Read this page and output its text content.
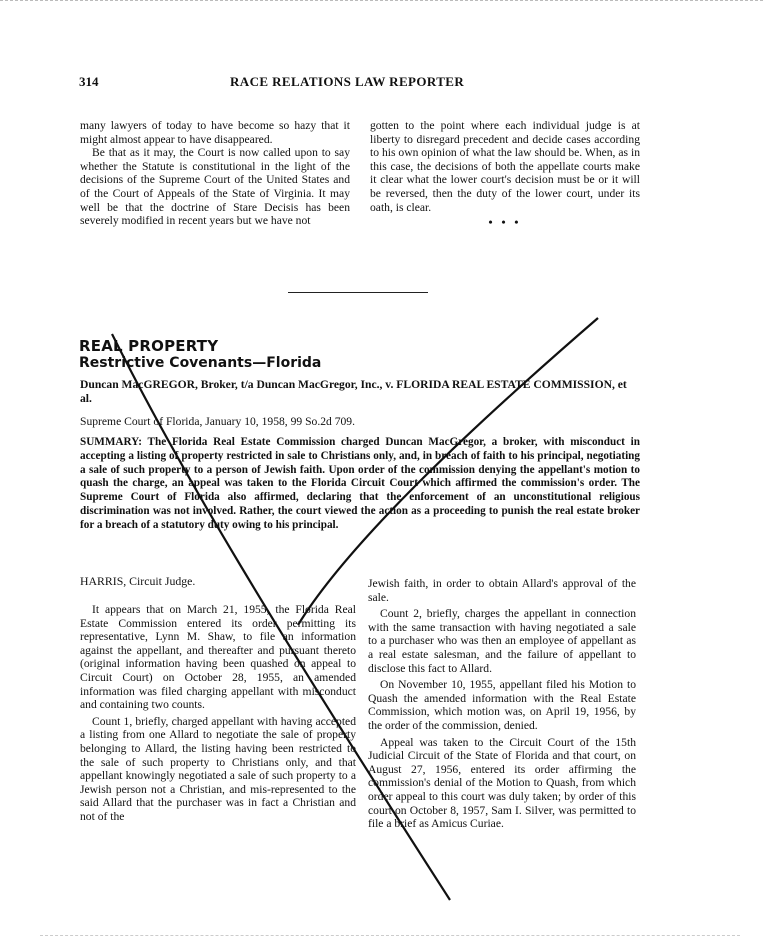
314	RACE RELATIONS LAW REPORTER

many lawyers of today to have become so hazy that it might almost appear to have disappeared.

Be that as it may, the Court is now called upon to say whether the Statute is constitutional in the light of the decisions of the Supreme Court of the United States and of the Court of Appeals of the State of Virginia. It may well be that the doctrine of Stare Decisis has been severely modified in recent years but we have not

gotten to the point where each individual judge is at liberty to disregard precedent and decide cases according to his own opinion of what the law should be. When, as in this case, the decisions of both the appellate courts make it clear what the lower court's decision must be or it will be reversed, then the duty of the lower court, under its oath, is clear.

• • •
REAL PROPERTY
Restrictive Covenants—Florida
Duncan MacGREGOR, Broker, t/a Duncan MacGregor, Inc., v. FLORIDA REAL ESTATE COMMISSION, et al.
Supreme Court of Florida, January 10, 1958, 99 So.2d 709.
SUMMARY: The Florida Real Estate Commission charged Duncan MacGregor, a broker, with misconduct in accepting a listing of property restricted in sale to Christians only, and, in breach of faith to his principal, negotiating a sale of such property to a person of Jewish faith. Upon order of the commission denying the appellant's motion to quash the charge, an appeal was taken to the Florida Circuit Court which affirmed the commission's order. The Supreme Court of Florida also affirmed, declaring that the enforcement of an unconstitutional religious discrimination was not involved. Rather, the court viewed the action as a proceeding to punish the real estate broker for a breach of a statutory duty owing to his principal.
HARRIS, Circuit Judge.

It appears that on March 21, 1955, the Florida Real Estate Commission entered its order permitting its representative, Lynn M. Shaw, to file an information against the appellant, and thereafter and pursuant thereto (original information having been quashed on appeal to Circuit Court) on October 28, 1955, an amended information was filed charging appellant with misconduct and containing two counts.

Count 1, briefly, charged appellant with having accepted a listing from one Allard to negotiate the sale of property belonging to Allard, the listing having been restricted to the sale of such property to Christians only, and that appellant knowingly negotiated a sale of such property to a Jewish person not a Christian, and mis-represented to the said Allard that the purchaser was in fact a Christian and not of the

Jewish faith, in order to obtain Allard's approval of the sale.

Count 2, briefly, charges the appellant in connection with the same transaction with having negotiated a sale to a purchaser who was then an employee of appellant as a real estate salesman, and the failure of appellant to disclose this fact to Allard.

On November 10, 1955, appellant filed his Motion to Quash the amended information with the Real Estate Commission, which motion was, on April 19, 1956, by the order of the commission, denied.

Appeal was taken to the Circuit Court of the 15th Judicial Circuit of the State of Florida and that court, on August 27, 1956, entered its order affirming the commission's denial of the Motion to Quash, from which order appeal to this court was duly taken; by order of this court on October 8, 1957, Sam I. Silver, was permitted to file a brief as Amicus Curiae.
